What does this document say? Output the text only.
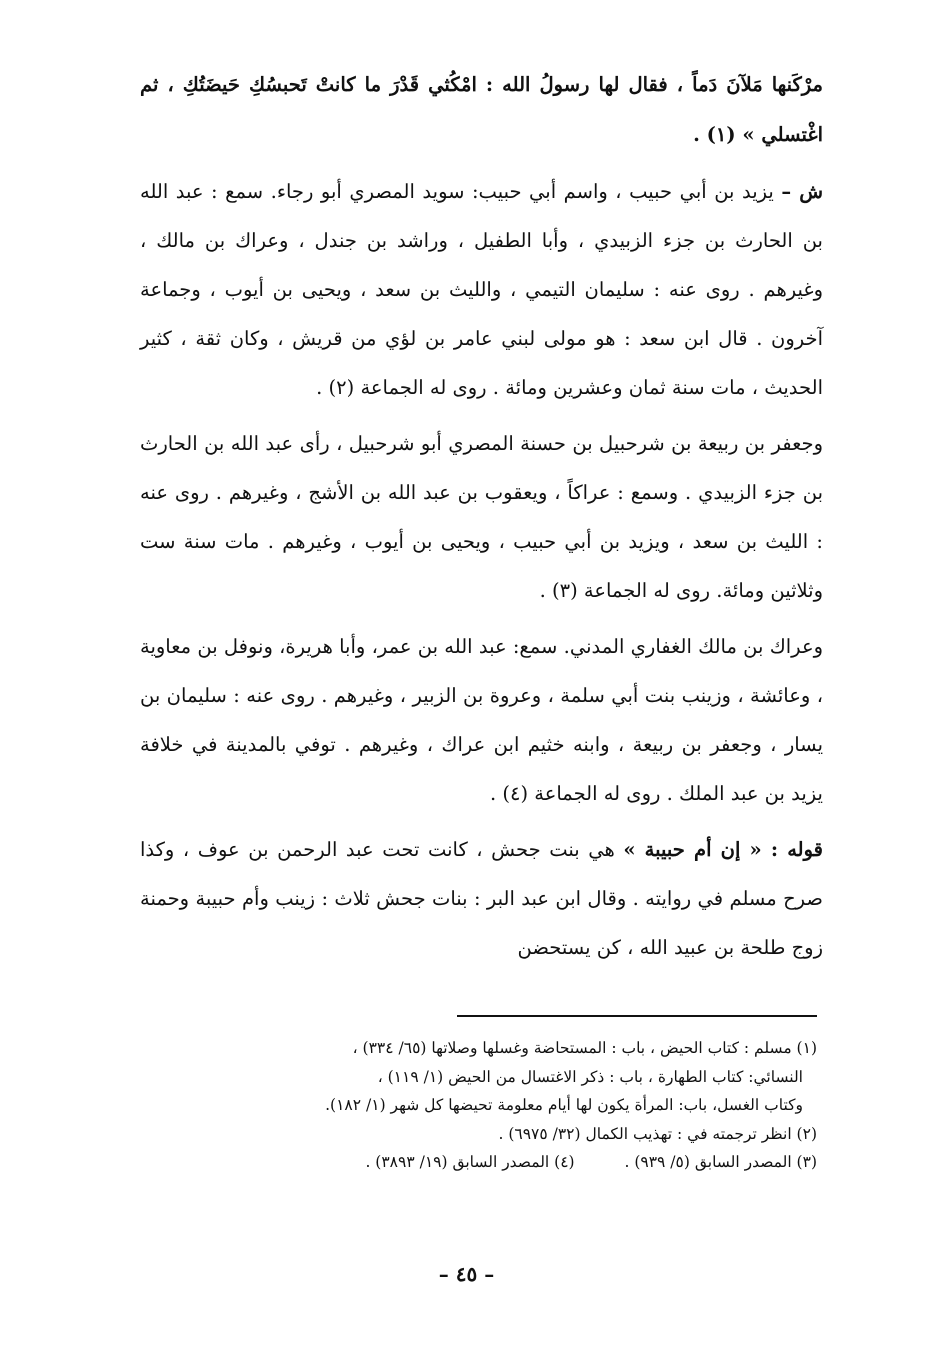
مرْكَنها مَلآنَ دَماً ، فقال لها رسولُ الله : امْكُثي قَدْرَ ما كانتْ تَحبسُكِ حَيضَتُكِ ، ثم اغْتسلي » (١) .

ش – يزيد بن أبي حبيب ، واسم أبي حبيب: سويد المصري أبو رجاء. سمع : عبد الله بن الحارث بن جزء الزبيدي ، وأبا الطفيل ، وراشد بن جندل ، وعراك بن مالك ، وغيرهم . روى عنه : سليمان التيمي ، والليث بن سعد ، ويحيى بن أيوب ، وجماعة آخرون . قال ابن سعد : هو مولى لبني عامر بن لؤي من قريش ، وكان ثقة ، كثير الحديث ، مات سنة ثمان وعشرين ومائة . روى له الجماعة (٢) .

وجعفر بن ربيعة بن شرحبيل بن حسنة المصري أبو شرحبيل ، رأى عبد الله بن الحارث بن جزء الزبيدي . وسمع : عراكاً ، ويعقوب بن عبد الله بن الأشج ، وغيرهم . روى عنه : الليث بن سعد ، ويزيد بن أبي حبيب ، ويحيى بن أيوب ، وغيرهم . مات سنة ست وثلاثين ومائة. روى له الجماعة (٣) .

وعراك بن مالك الغفاري المدني. سمع: عبد الله بن عمر، وأبا هريرة، ونوفل بن معاوية ، وعائشة ، وزينب بنت أبي سلمة ، وعروة بن الزبير ، وغيرهم . روى عنه : سليمان بن يسار ، وجعفر بن ربيعة ، وابنه خثيم ابن عراك ، وغيرهم . توفي بالمدينة في خلافة يزيد بن عبد الملك . روى له الجماعة (٤) .

قوله : « إن أم حبيبة » هي بنت جحش ، كانت تحت عبد الرحمن بن عوف ، وكذا صرح مسلم في روايته . وقال ابن عبد البر : بنات جحش ثلاث : زينب وأم حبيبة وحمنة زوج طلحة بن عبيد الله ، كن يستحضن

(١) مسلم : كتاب الحيض ، باب : المستحاضة وغسلها وصلاتها (٦٥/ ٣٣٤) ،

النسائي: كتاب الطهارة ، باب : ذكر الاغتسال من الحيض (١/ ١١٩) ،

وكتاب الغسل، باب: المرأة يكون لها أيام معلومة تحيضها كل شهر (١/ ١٨٢).

(٢) انظر ترجمته في : تهذيب الكمال (٣٢/ ٦٩٧٥) .

(٣) المصدر السابق (٥/ ٩٣٩) .  (٤) المصدر السابق (١٩/ ٣٨٩٣) .

– ٤٥ –
